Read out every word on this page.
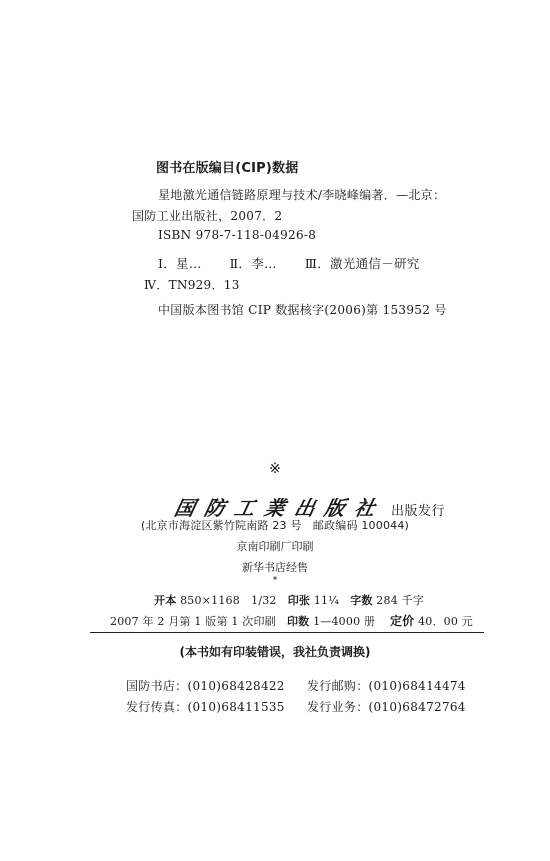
图书在版编目(CIP)数据
星地激光通信链路原理与技术/李晓峰编著．—北京：
国防工业出版社，2007．2
ISBN 978-7-118-04926-8
Ⅰ．星… Ⅱ．李… Ⅲ．激光通信－研究
Ⅳ．TN929．13
中国版本图书馆 CIP 数据核字(2006)第 153952 号
※
国防工業出版社 出版发行
(北京市海淀区紫竹院南路 23 号　邮政编码 100044)
京南印刷厂印刷
新华书店经售
*
开本 850×1168　1/32 印张 11¼ 字数 284 千字
2007 年 2 月第 1 版第 1 次印刷 印数 1—4000 册 定价 40．00 元
(本书如有印装错误，我社负责调换)
国防书店：(010)68428422 发行邮购：(010)68414474
发行传真：(010)68411535 发行业务：(010)68472764
